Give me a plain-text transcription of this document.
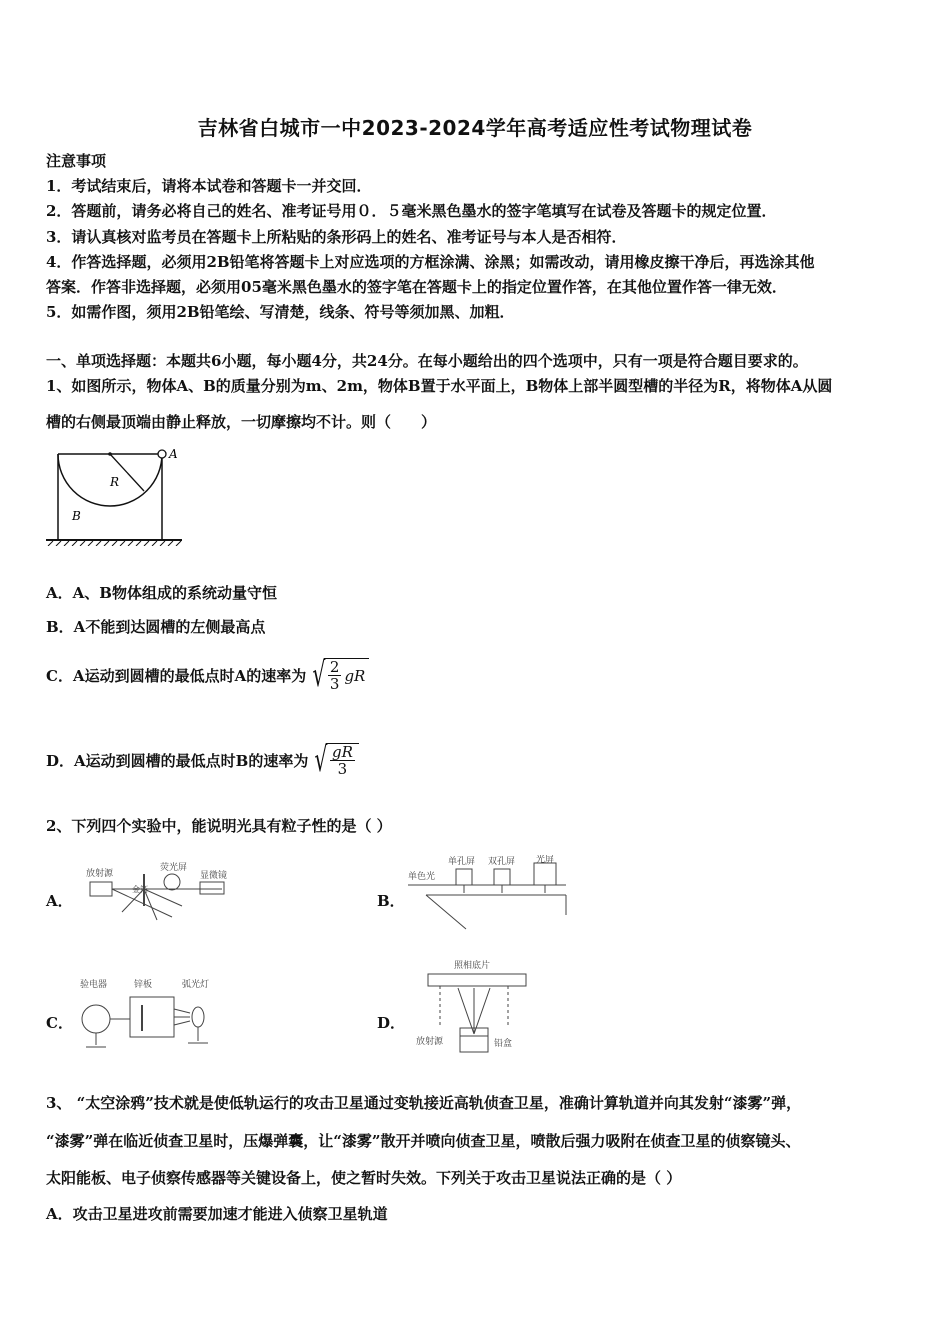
吉林省白城市一中2023-2024学年高考适应性考试物理试卷
注意事项
1．考试结束后，请将本试卷和答题卡一并交回．
2．答题前，请务必将自己的姓名、准考证号用０．５毫米黑色墨水的签字笔填写在试卷及答题卡的规定位置．
3．请认真核对监考员在答题卡上所粘贴的条形码上的姓名、准考证号与本人是否相符．
4．作答选择题，必须用2B铅笔将答题卡上对应选项的方框涂满、涂黑；如需改动，请用橡皮擦干净后，再选涂其他
答案．作答非选择题，必须用05毫米黑色墨水的签字笔在答题卡上的指定位置作答，在其他位置作答一律无效．
5．如需作图，须用2B铅笔绘、写清楚，线条、符号等须加黑、加粗．
一、单项选择题：本题共6小题，每小题4分，共24分。在每小题给出的四个选项中，只有一项是符合题目要求的。
1、如图所示，物体A、B的质量分别为m、2m，物体B置于水平面上，B物体上部半圆型槽的半径为R，将物体A从圆
槽的右侧最顶端由静止释放，一切摩擦均不计。则（　　）
A
R
B
A．A、B物体组成的系统动量守恒
B．A不能到达圆槽的左侧最高点
C．A运动到圆槽的最低点时A的速率为 √ $\frac{2}{3}$ gR
D．A运动到圆槽的最低点时B的速率为 √
$\frac{gR}{3}$
2、下列四个实验中，能说明光具有粒子性的是（ ）
A．	B．
C．	D．
放射源
荧光屏
显微镜
金箔
单色光
单孔屏 双孔屏 光屏
验电器	锌板	弧光灯
照相底片
放射源	铅盒
3、 “太空涂鸦”技术就是使低轨运行的攻击卫星通过变轨接近高轨侦查卫星，准确计算轨道并向其发射“漆雾”弹，
“漆雾”弹在临近侦查卫星时，压爆弹囊，让“漆雾”散开并喷向侦查卫星，喷散后强力吸附在侦查卫星的侦察镜头、
太阳能板、电子侦察传感器等关键设备上，使之暂时失效。下列关于攻击卫星说法正确的是（ ）
A．攻击卫星进攻前需要加速才能进入侦察卫星轨道
